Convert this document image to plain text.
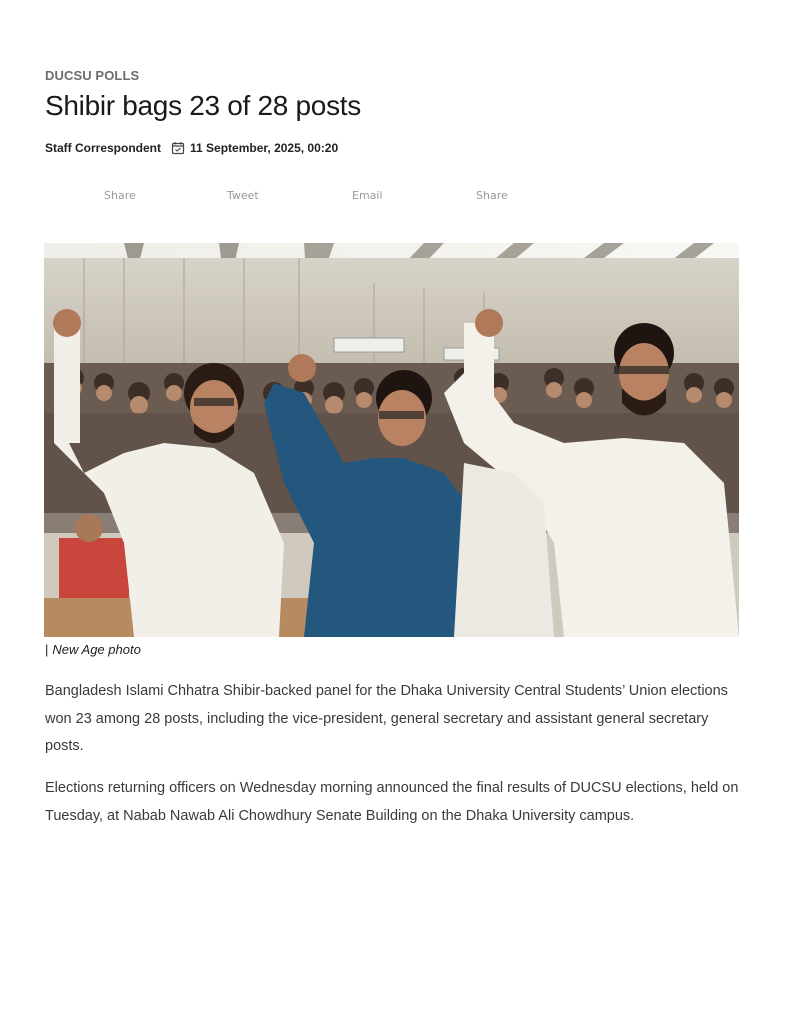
DUCSU POLLS
Shibir bags 23 of 28 posts
Staff Correspondent 11 September, 2025, 00:20
Share	Tweet	Email	Share
| New Age photo

Bangladesh Islami Chhatra Shibir-backed panel for the Dhaka University Central Students’ Union elections won 23 among 28 posts, including the vice-president, general secretary and assistant general secretary posts.

Elections returning officers on Wednesday morning announced the final results of DUCSU elections, held on Tuesday, at Nabab Nawab Ali Chowdhury Senate Building on the Dhaka University campus.
